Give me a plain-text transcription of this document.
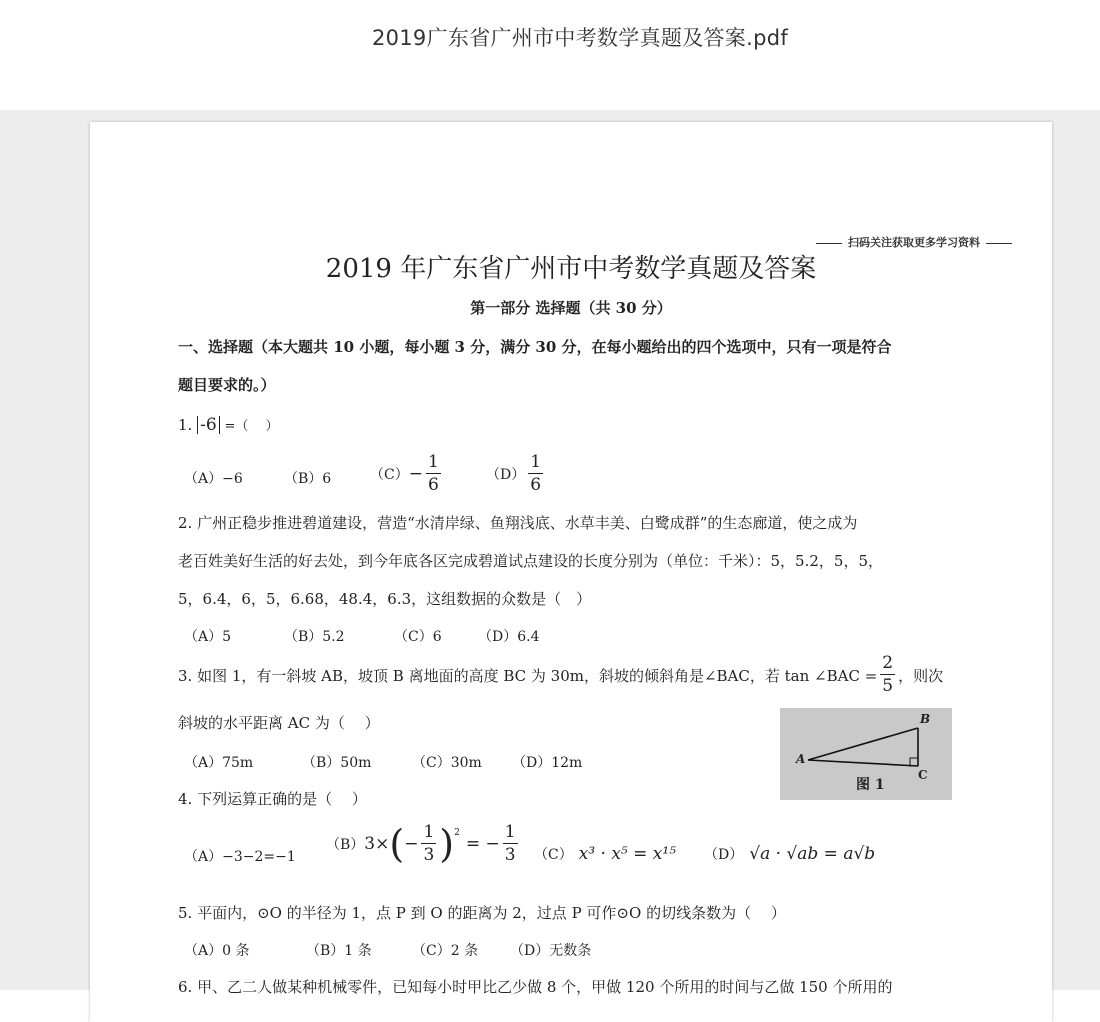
2019广东省广州市中考数学真题及答案.pdf
扫码关注获取更多学习资料
2019 年广东省广州市中考数学真题及答案
第一部分 选择题（共 30 分）
一、选择题（本大题共 10 小题，每小题 3 分，满分 30 分，在每小题给出的四个选项中，只有一项是符合
题目要求的。）
1. -6 =（　 ）
（A）−6	（B）6	$(C) - \frac{1}{6}$	$(D) \frac{1}{6}$
2. 广州正稳步推进碧道建设，营造“水清岸绿、鱼翔浅底、水草丰美、白鹭成群”的生态廊道，使之成为
老百姓美好生活的好去处，到今年底各区完成碧道试点建设的长度分别为（单位：千米）：5，5.2，5，5，
5，6.4，6，5，6.68，48.4，6.3，这组数据的众数是（　）
（A）5	（B）5.2	（C）6	（D）6.4
3. 如图 1，有一斜坡 AB，坡顶 B 离地面的高度 BC 为 30m，斜坡的倾斜角是∠BAC，若 tan ∠BAC = $\frac{2}{5}$ ，则次
斜坡的水平距离 AC 为（　 ）
（A）75m	（B）50m	（C）30m （D）12m	A
B
C
图 1
4. 下列运算正确的是（　 ）
（A）−3−2=−1
（B） 3× ( − $\frac{1}{3} )^2$
= − $\frac{1}{3} (C) x^3 \cdot x^5 = x^{15}$ （D） √a · √ab = a√b
5. 平面内，⊙O 的半径为 1，点 P 到 O 的距离为 2，过点 P 可作⊙O 的切线条数为（　 ）
（A）0 条	（B）1 条	（C）2 条 （D）无数条
6. 甲、乙二人做某种机械零件，已知每小时甲比乙少做 8 个，甲做 120 个所用的时间与乙做 150 个所用的
